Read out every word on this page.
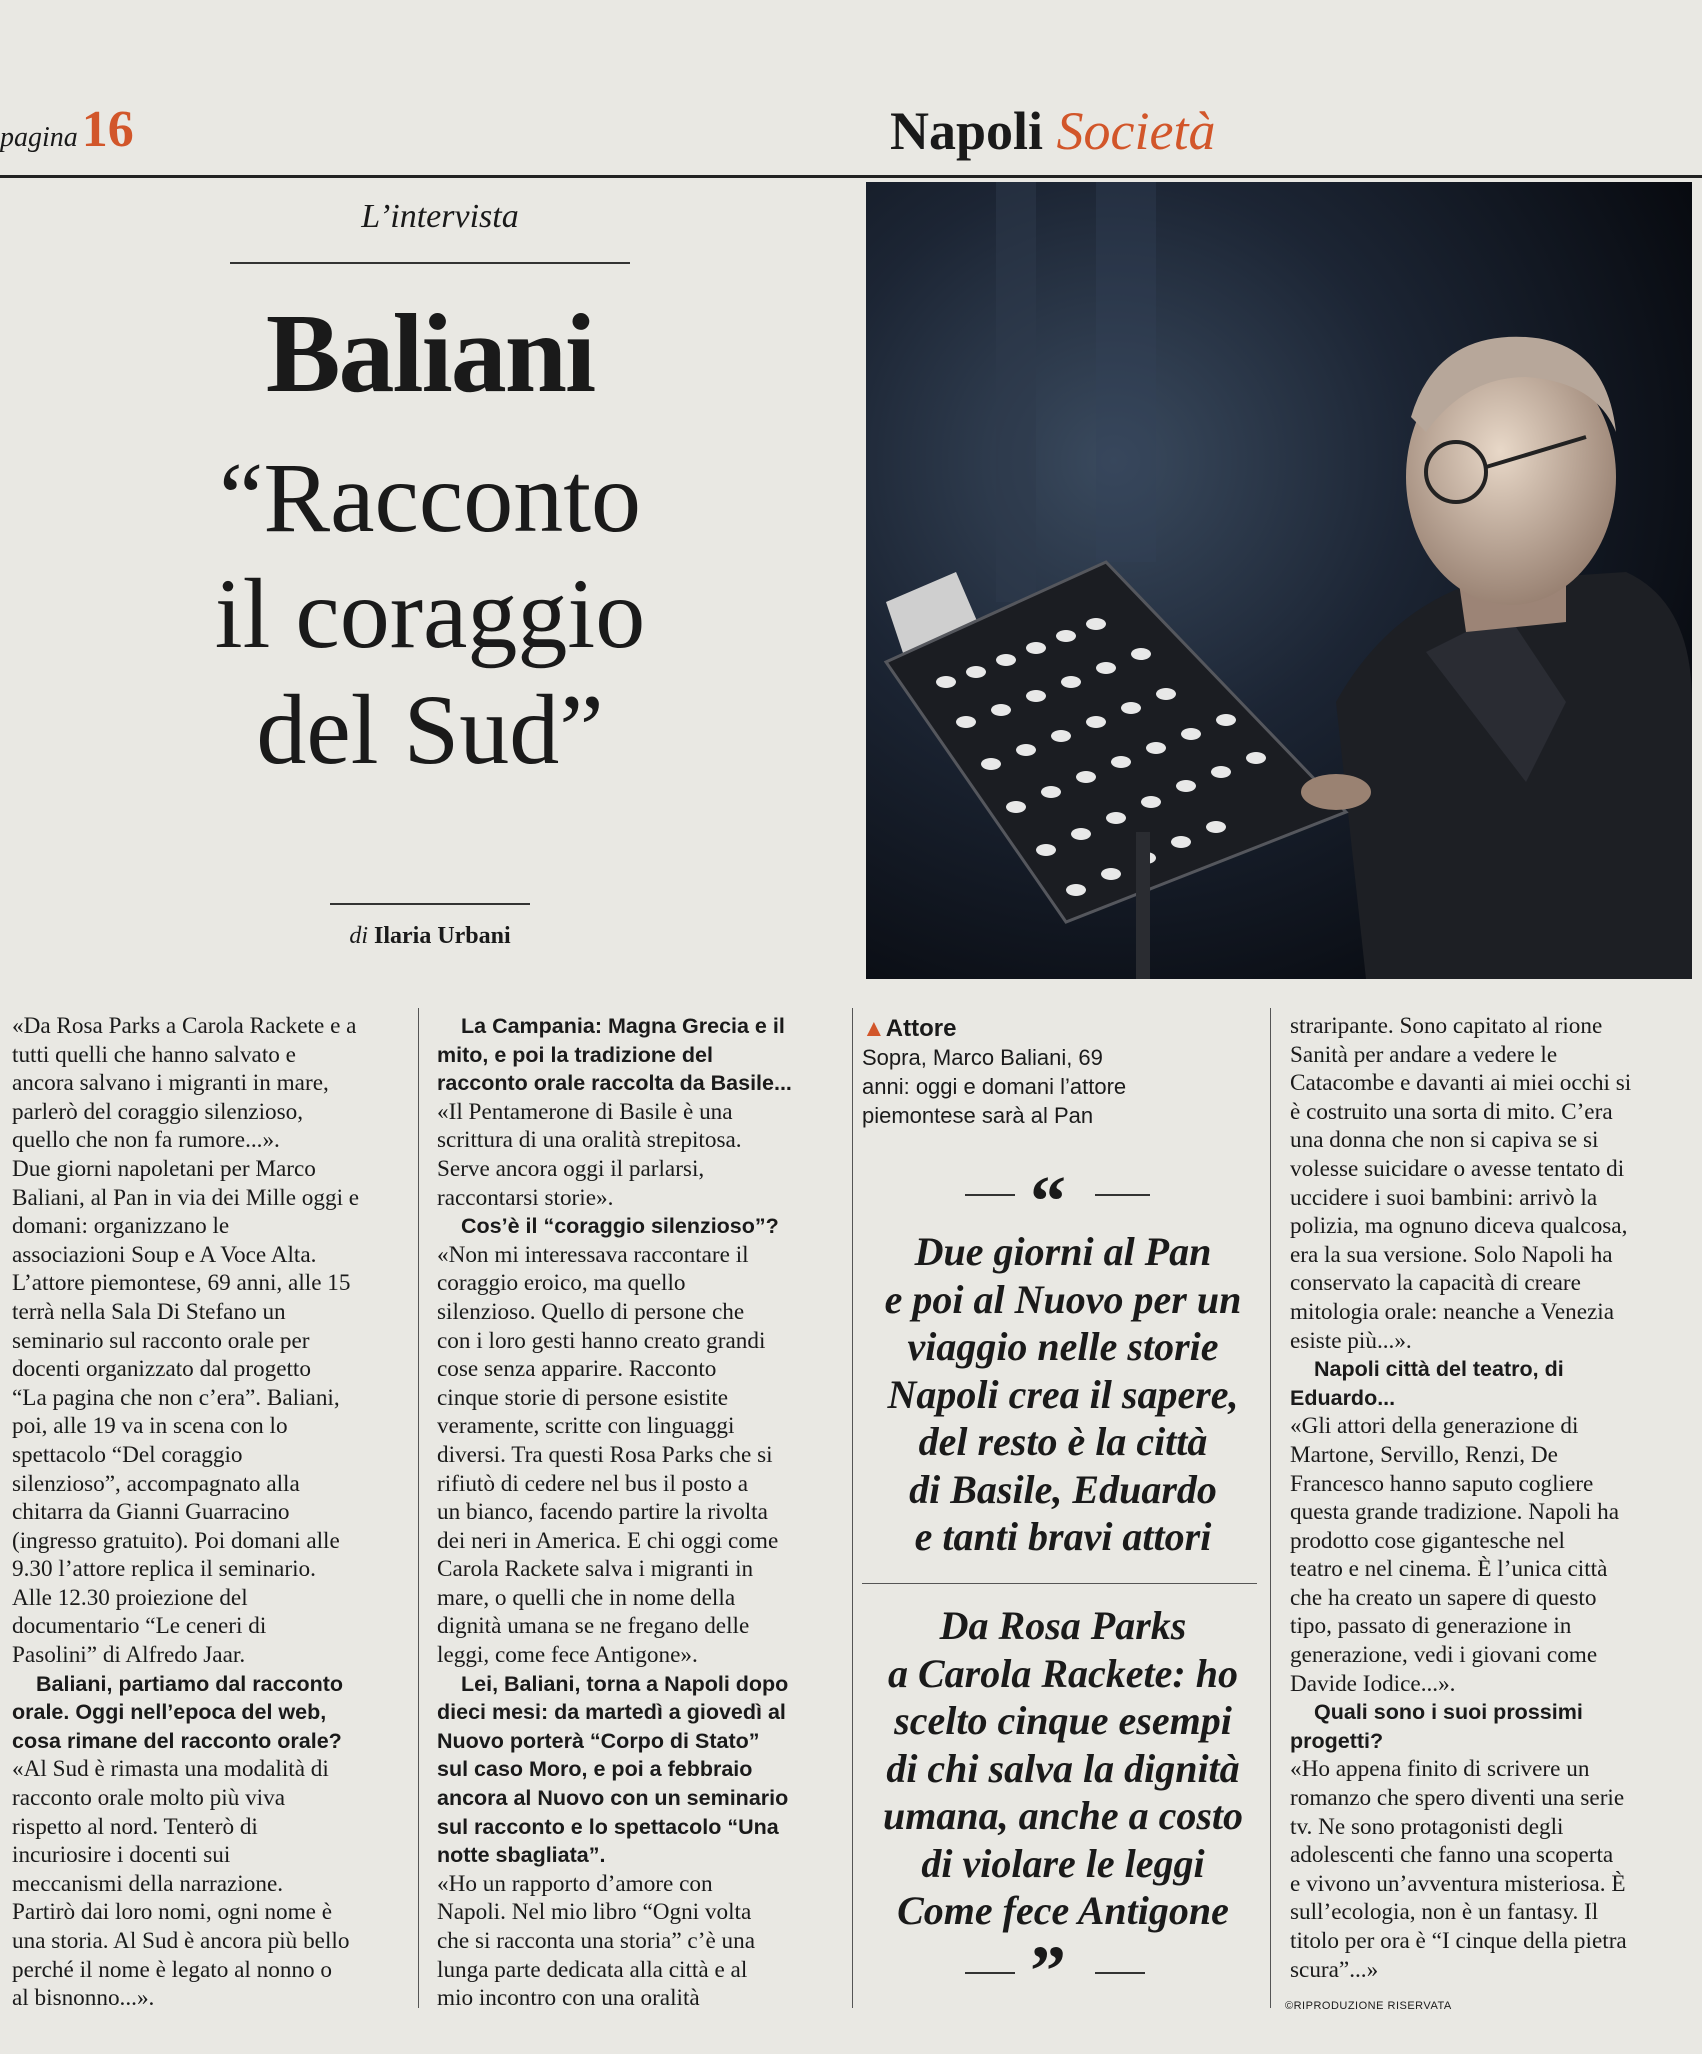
pagina16	Napoli Società
L’intervista
Baliani
“Racconto
il coraggio
del Sud”
di Ilaria Urbani
«Da Rosa Parks a Carola Rackete e a
tutti quelli che hanno salvato e
ancora salvano i migranti in mare,
parlerò del coraggio silenzioso,
quello che non fa rumore...».
Due giorni napoletani per Marco
Baliani, al Pan in via dei Mille oggi e
domani: organizzano le
associazioni Soup e A Voce Alta.
L’attore piemontese, 69 anni, alle 15
terrà nella Sala Di Stefano un
seminario sul racconto orale per
docenti organizzato dal progetto
“La pagina che non c’era”. Baliani,
poi, alle 19 va in scena con lo
spettacolo “Del coraggio
silenzioso”, accompagnato alla
chitarra da Gianni Guarracino
(ingresso gratuito). Poi domani alle
9.30 l’attore replica il seminario.
Alle 12.30 proiezione del
documentario “Le ceneri di
Pasolini” di Alfredo Jaar.
Baliani, partiamo dal racconto
orale. Oggi nell’epoca del web,
cosa rimane del racconto orale?
«Al Sud è rimasta una modalità di
racconto orale molto più viva
rispetto al nord. Tenterò di
incuriosire i docenti sui
meccanismi della narrazione.
Partirò dai loro nomi, ogni nome è
una storia. Al Sud è ancora più bello
perché il nome è legato al nonno o
al bisnonno...».
La Campania: Magna Grecia e il
mito, e poi la tradizione del
racconto orale raccolta da Basile...
«Il Pentamerone di Basile è una
scrittura di una oralità strepitosa.
Serve ancora oggi il parlarsi,
raccontarsi storie».
Cos’è il “coraggio silenzioso”?
«Non mi interessava raccontare il
coraggio eroico, ma quello
silenzioso. Quello di persone che
con i loro gesti hanno creato grandi
cose senza apparire. Racconto
cinque storie di persone esistite
veramente, scritte con linguaggi
diversi. Tra questi Rosa Parks che si
rifiutò di cedere nel bus il posto a
un bianco, facendo partire la rivolta
dei neri in America. E chi oggi come
Carola Rackete salva i migranti in
mare, o quelli che in nome della
dignità umana se ne fregano delle
leggi, come fece Antigone».
Lei, Baliani, torna a Napoli dopo
dieci mesi: da martedì a giovedì al
Nuovo porterà “Corpo di Stato”
sul caso Moro, e poi a febbraio
ancora al Nuovo con un seminario
sul racconto e lo spettacolo “Una
notte sbagliata”.
«Ho un rapporto d’amore con
Napoli. Nel mio libro “Ogni volta
che si racconta una storia” c’è una
lunga parte dedicata alla città e al
mio incontro con una oralità
straripante. Sono capitato al rione
Sanità per andare a vedere le
Catacombe e davanti ai miei occhi si
è costruito una sorta di mito. C’era
una donna che non si capiva se si
volesse suicidare o avesse tentato di
uccidere i suoi bambini: arrivò la
polizia, ma ognuno diceva qualcosa,
era la sua versione. Solo Napoli ha
conservato la capacità di creare
mitologia orale: neanche a Venezia
esiste più...».
Napoli città del teatro, di
Eduardo...
«Gli attori della generazione di
Martone, Servillo, Renzi, De
Francesco hanno saputo cogliere
questa grande tradizione. Napoli ha
prodotto cose gigantesche nel
teatro e nel cinema. È l’unica città
che ha creato un sapere di questo
tipo, passato di generazione in
generazione, vedi i giovani come
Davide Iodice...».
Quali sono i suoi prossimi
progetti?
«Ho appena finito di scrivere un
romanzo che spero diventi una serie
tv. Ne sono protagonisti degli
adolescenti che fanno una scoperta
e vivono un’avventura misteriosa. È
sull’ecologia, non è un fantasy. Il
titolo per ora è “I cinque della pietra
scura”...»
▲Attore
Sopra, Marco Baliani, 69
anni: oggi e domani l’attore
piemontese sarà al Pan
“
Due giorni al Pan
e poi al Nuovo per un
viaggio nelle storie
Napoli crea il sapere,
del resto è la città
di Basile, Eduardo
e tanti bravi attori
Da Rosa Parks
a Carola Rackete: ho
scelto cinque esempi
di chi salva la dignità
umana, anche a costo
di violare le leggi
Come fece Antigone
”	©RIPRODUZIONE RISERVATA
